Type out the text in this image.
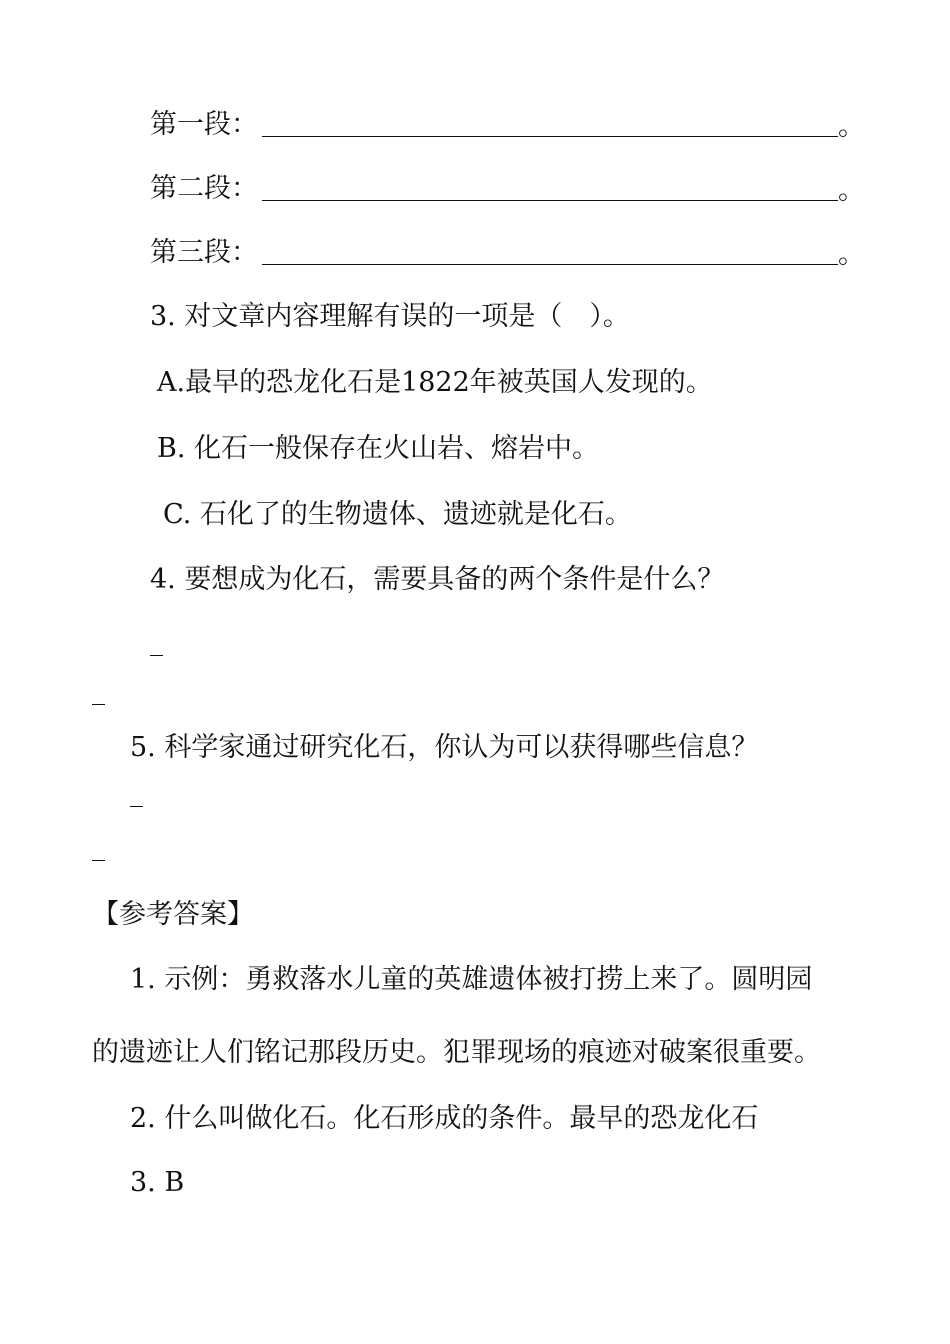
第一段：	。
第二段：	。
第三段：	。
3. 对文章内容理解有误的一项是（　）。
A.最早的恐龙化石是1822年被英国人发现的。
B. 化石一般保存在火山岩、熔岩中。
C. 石化了的生物遗体、遗迹就是化石。
4. 要想成为化石，需要具备的两个条件是什么？
5. 科学家通过研究化石，你认为可以获得哪些信息？
【参考答案】
1. 示例：勇救落水儿童的英雄遗体被打捞上来了。圆明园
的遗迹让人们铭记那段历史。犯罪现场的痕迹对破案很重要。
2. 什么叫做化石。化石形成的条件。最早的恐龙化石
3. B
